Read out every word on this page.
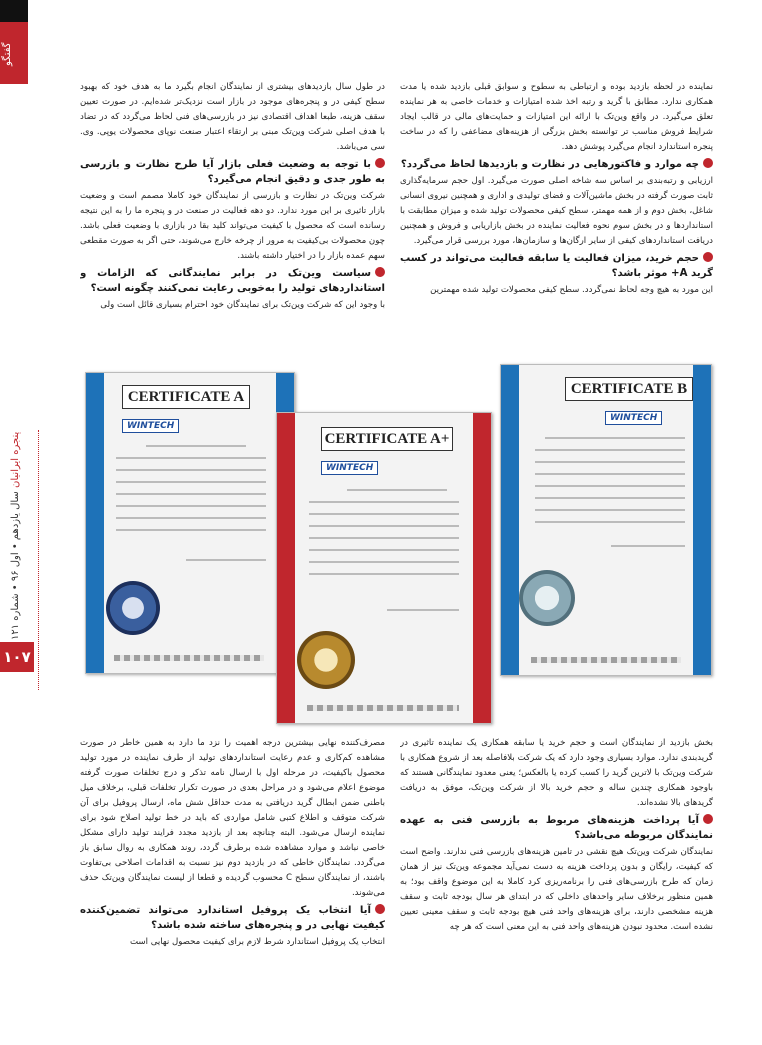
گفتگو
پنجره‌ ایرانیان سال یازدهم • اول ۹۶ • شماره ۱۲۱
۱۰۷

نماینده در لحظه بازدید بوده و ارتباطی به سطوح و سوابق قبلی بازدید شده یا مدت همکاری ندارد. مطابق با گرید و رتبه اخذ شده امتیازات و خدمات خاصی به هر نماینده تعلق می‌گیرد. در واقع وین‌تک با ارائه این امتیازات و حمایت‌های مالی در قالب ایجاد شرایط فروش مناسب تر توانسته بخش بزرگی از هزینه‌های مضاعفی را که در ساخت پنجره استاندارد انجام می‌گیرد پوشش دهد.

چه موارد و فاکتورهایی در نظارت و بازدیدها لحاظ می‌گردد؟

ارزیابی و رتبه‌بندی بر اساس سه شاخه اصلی صورت می‌گیرد. اول حجم سرمایه‌گذاری ثابت صورت گرفته در بخش ماشین‌آلات و فضای تولیدی و اداری و همچنین نیروی انسانی شاغل، بخش دوم و از همه مهمتر، سطح کیفی محصولات تولید شده و میزان مطابقت با استانداردها و در بخش سوم نحوه فعالیت نماینده در بخش بازاریابی و فروش و همچنین دریافت استانداردهای کیفی از سایر ارگان‌ها و سازمان‌ها، مورد بررسی قرار می‌گیرد.

حجم خرید، میزان فعالیت یا سابقه فعالیت می‌تواند در کسب گرید A+ موثر باشد؟

این مورد به هیچ وجه لحاظ نمی‌گردد. سطح کیفی محصولات تولید شده مهمترین

در طول سال بازدیدهای بیشتری از نمایندگان انجام بگیرد ما به هدف خود که بهبود سطح کیفی در و پنجره‌های موجود در بازار است نزدیک‌تر شده‌ایم. در صورت تعیین سقف هزینه، طبعا اهداف اقتصادی نیز در بازرسی‌های فنی لحاظ می‌گردد که در تضاد با هدف اصلی شرکت وین‌تک مبنی بر ارتقاء اعتبار صنعت نوپای محصولات یوپی. وی. سی می‌باشد.

با توجه به وضعیت فعلی بازار آیا طرح نظارت و بازرسی به طور جدی و دقیق انجام می‌گیرد؟

شرکت وین‌تک در نظارت و بازرسی از نمایندگان خود کاملا مصمم است و وضعیت بازار تاثیری بر این مورد ندارد. دو دهه فعالیت در صنعت در و پنجره ما را به این نتیجه رسانده است که محصول با کیفیت می‌تواند کلید بقا در بازاری با وضعیت فعلی باشد. چون محصولات بی‌کیفیت به مرور از چرخه خارج می‌شوند، حتی اگر به صورت مقطعی سهم عمده بازار را در اختیار داشته باشند.

سیاست وین‌تک در برابر نمایندگانی که الزامات و استانداردهای تولید را به‌خوبی رعایت نمی‌کنند چگونه است؟

با وجود این که شرکت وین‌تک برای نمایندگان خود احترام بسیاری قائل است ولی

CERTIFICATE B
WINTECH
CERTIFICATE A
WINTECH
CERTIFICATE A+
WINTECH

بخش بازدید از نمایندگان است و حجم خرید یا سابقه همکاری یک نماینده تاثیری در گریدبندی ندارد. موارد بسیاری وجود دارد که یک شرکت بلافاصله بعد از شروع همکاری با شرکت وین‌تک با لاترین گرید را کسب کرده یا بالعکس؛ یعنی معدود نمایندگانی هستند که باوجود همکاری چندین ساله و حجم خرید بالا از شرکت وین‌تک، موفق به دریافت گریدهای بالا نشده‌اند.

آیا پرداخت هزینه‌های مربوط به بازرسی فنی به عهده نمایندگان مربوطه می‌باشد؟

نمایندگان شرکت وین‌تک هیچ نقشی در تامین هزینه‌های بازرسی فنی ندارند. واضح است که کیفیت، رایگان و بدون پرداخت هزینه به دست نمی‌آید مجموعه وین‌تک نیز از همان زمان که طرح بازرسی‌های فنی را برنامه‌ریزی کرد کاملا به این موضوع واقف بود؛ به همین منظور برخلاف سایر واحدهای داخلی که در ابتدای هر سال بودجه ثابت و سقف هزینه مشخصی دارند، برای هزینه‌های واحد فنی هیچ بودجه ثابت و سقف معینی تعیین نشده است. محدود نبودن هزینه‌های واحد فنی به این معنی است که هر چه

مصرف‌کننده نهایی بیشترین درجه اهمیت را نزد ما دارد به همین خاطر در صورت مشاهده کم‌کاری و عدم رعایت استانداردهای تولید از طرف نماینده در مورد تولید محصول باکیفیت، در مرحله اول با ارسال نامه تذکر و درج تخلفات صورت گرفته موضوع اعلام می‌شود و در مراحل بعدی در صورت تکرار تخلفات قبلی، برخلاف میل باطنی ضمن ابطال گرید دریافتی به مدت حداقل شش ماه، ارسال پروفیل برای آن شرکت متوقف و اطلاع کتبی شامل مواردی که باید در خط تولید اصلاح شود برای نماینده ارسال می‌شود. البته چنانچه بعد از بازدید مجدد فرایند تولید دارای مشکل خاصی نباشد و موارد مشاهده شده برطرف گردد، روند همکاری به روال سابق باز می‌گردد. نمایندگان خاطی که در بازدید دوم نیز نسبت به اقدامات اصلاحی بی‌تفاوت باشند، از نمایندگان سطح C محسوب گردیده و قطعا از لیست نمایندگان وین‌تک حذف می‌شوند.

آیا انتخاب یک پروفیل استاندارد می‌تواند تضمین‌کننده کیفیت نهایی در و پنجره‌های ساخته شده باشد؟

انتخاب یک پروفیل استاندارد شرط لازم برای کیفیت محصول نهایی است
